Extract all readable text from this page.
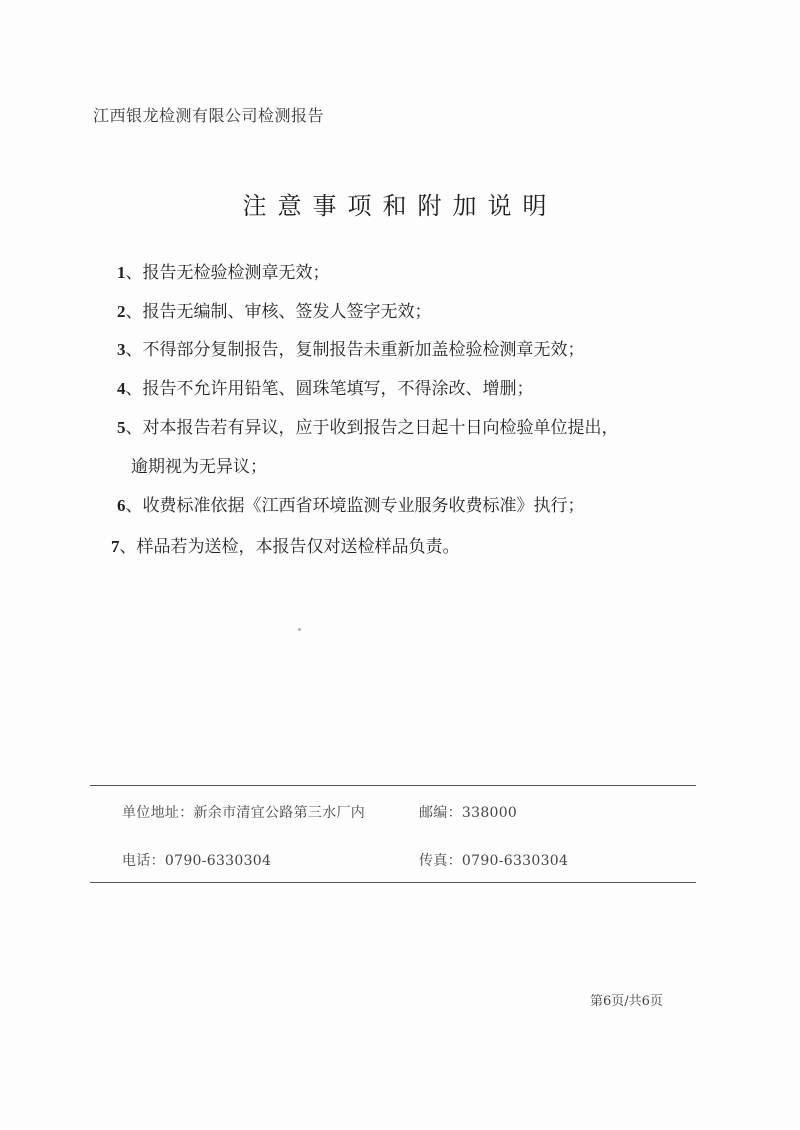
江西银龙检测有限公司检测报告
注意事项和附加说明
1、报告无检验检测章无效；
2、报告无编制、审核、签发人签字无效；
3、不得部分复制报告，复制报告未重新加盖检验检测章无效；
4、报告不允许用铅笔、圆珠笔填写，不得涂改、增删；
5、对本报告若有异议，应于收到报告之日起十日向检验单位提出，
逾期视为无异议；
6、收费标准依据《江西省环境监测专业服务收费标准》执行；
7、样品若为送检，本报告仅对送检样品负责。
单位地址：新余市清宜公路第三水厂内	邮编：338000
电话：0790-6330304	传真：0790-6330304
第6页/共6页
